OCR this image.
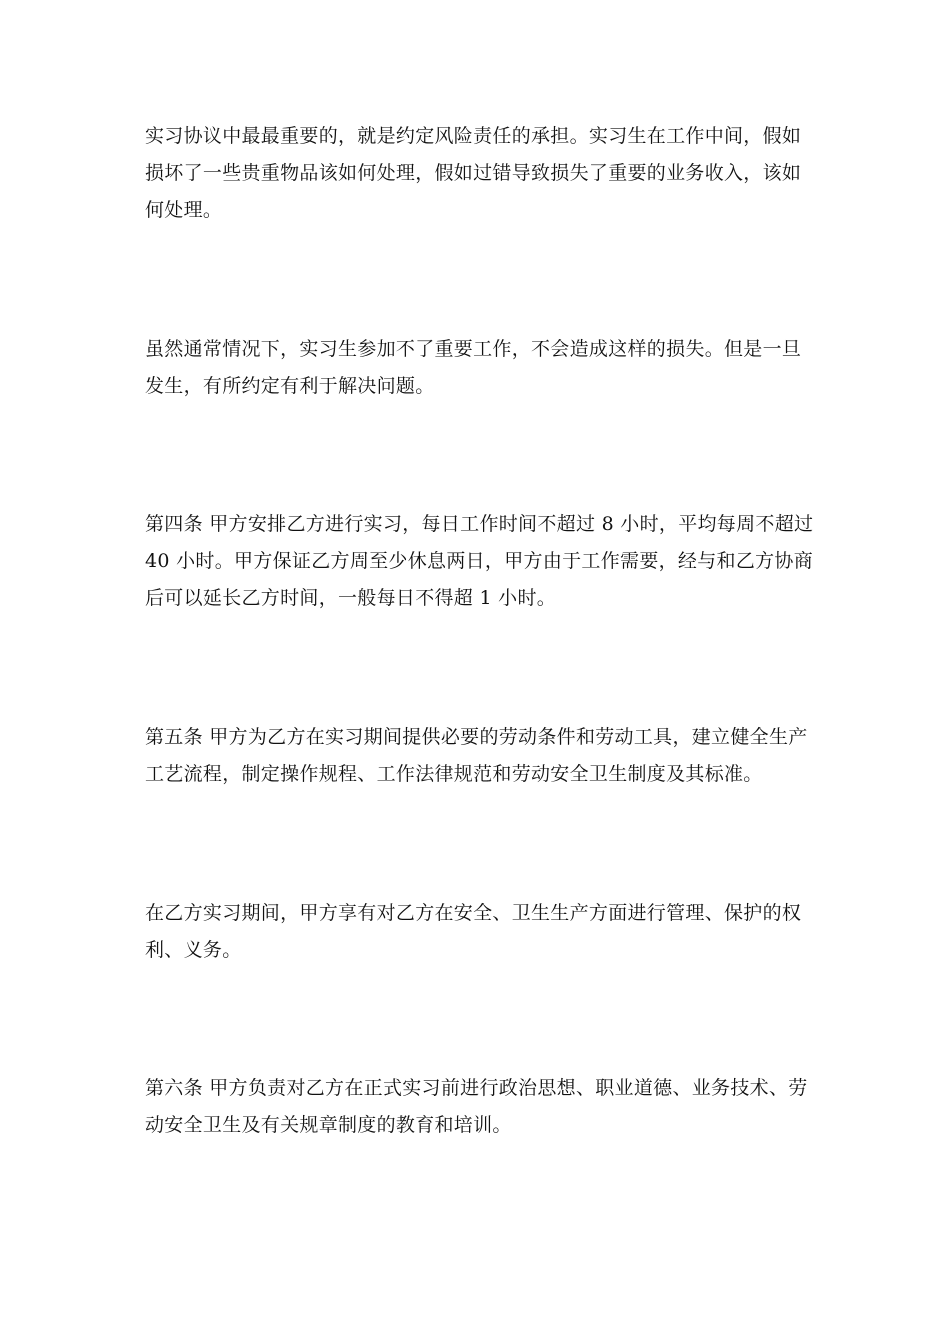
实习协议中最最重要的，就是约定风险责任的承担。实习生在工作中间，假如
损坏了一些贵重物品该如何处理，假如过错导致损失了重要的业务收入，该如
何处理。

虽然通常情况下，实习生参加不了重要工作，不会造成这样的损失。但是一旦
发生，有所约定有利于解决问题。

第四条 甲方安排乙方进行实习，每日工作时间不超过 8 小时，平均每周不超过
40 小时。甲方保证乙方周至少休息两日，甲方由于工作需要，经与和乙方协商
后可以延长乙方时间，一般每日不得超 1 小时。

第五条 甲方为乙方在实习期间提供必要的劳动条件和劳动工具，建立健全生产
工艺流程，制定操作规程、工作法律规范和劳动安全卫生制度及其标准。

在乙方实习期间，甲方享有对乙方在安全、卫生生产方面进行管理、保护的权
利、义务。

第六条 甲方负责对乙方在正式实习前进行政治思想、职业道德、业务技术、劳
动安全卫生及有关规章制度的教育和培训。
